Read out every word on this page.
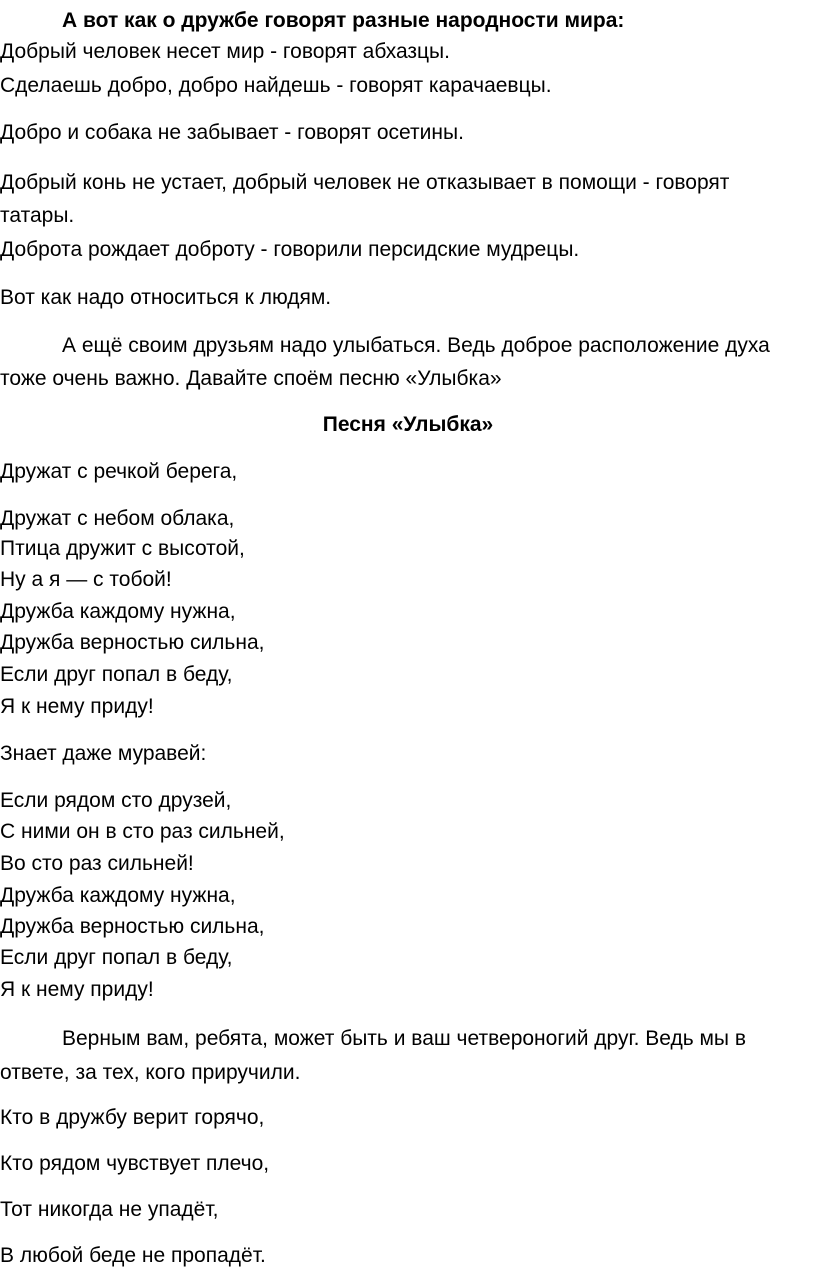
А вот как о дружбе говорят разные народности мира:
Добрый человек несет мир - говорят абхазцы.
Сделаешь добро, добро найдешь - говорят карачаевцы.
Добро и собака не забывает - говорят осетины.
Добрый конь не устает, добрый человек не отказывает в помощи - говорят
татары.
Доброта рождает доброту - говорили персидские мудрецы.
Вот как надо относиться к людям.
А ещё своим друзьям надо улыбаться. Ведь доброе расположение духа
тоже очень важно. Давайте споём песню «Улыбка»
Песня «Улыбка»
Дружат с речкой берега,
Дружат с небом облака,
Птица дружит с высотой,
Ну а я — с тобой!
Дружба каждому нужна,
Дружба верностью сильна,
Если друг попал в беду,
Я к нему приду!
Знает даже муравей:
Если рядом сто друзей,
С ними он в сто раз сильней,
Во сто раз сильней!
Дружба каждому нужна,
Дружба верностью сильна,
Если друг попал в беду,
Я к нему приду!
Верным вам, ребята, может быть и ваш четвероногий друг. Ведь мы в
ответе, за тех, кого приручили.
Кто в дружбу верит горячо,
Кто рядом чувствует плечо,
Тот никогда не упадёт,
В любой беде не пропадёт.
